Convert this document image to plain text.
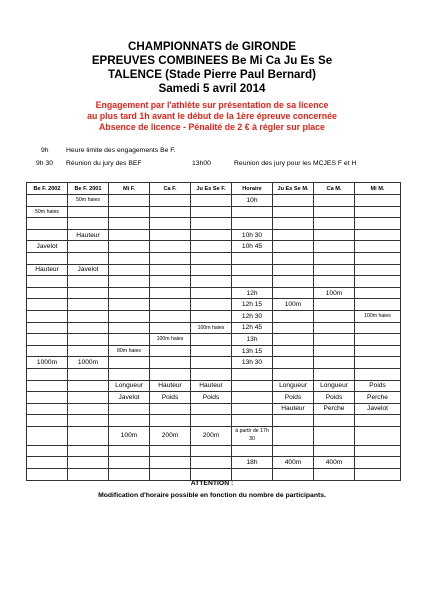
CHAMPIONNATS de GIRONDE
EPREUVES COMBINEES Be Mi Ca Ju Es Se
TALENCE (Stade Pierre Paul Bernard)
Samedi 5 avril 2014
Engagement par l'athlète sur présentation de sa licence
au plus tard 1h avant le début de la 1ère épreuve concernée
Absence de licence - Pénalité de 2 € à régler sur place
9h	Heure limite des engagements Be F.
9h 30 Réunion du jury des BEF	13h00	Reunion des jury pour les MCJES F et H
Be F. 2002	Be F. 2001	Mi F.	Ca F.	Ju Es Se F.	Horaire	Ju Es Se M.	Ca M.	Mi M.
	50m haies				10h			
50m haies								

	Hauteur				10h 30			
Javelot					10h 45			

Hauteur	Javelot							

					12h		100m	
					12h 15	100m		
					12h 30			100m haies
				100m haies	12h 45			
			100m haies		13h			
		80m haies			13h 15			
1000m	1000m				13h 30			

		Longueur	Hauteur	Hauteur		Longueur	Longueur	Poids
		Javelot	Poids	Poids		Poids	Poids	Perche
						Hauteur	Perche	Javelot

		100m	200m	200m	à partir de 17h 30			

					18h	400m	400m	

ATTENTION :
Modification d'horaire possible en fonction du nombre de participants.
